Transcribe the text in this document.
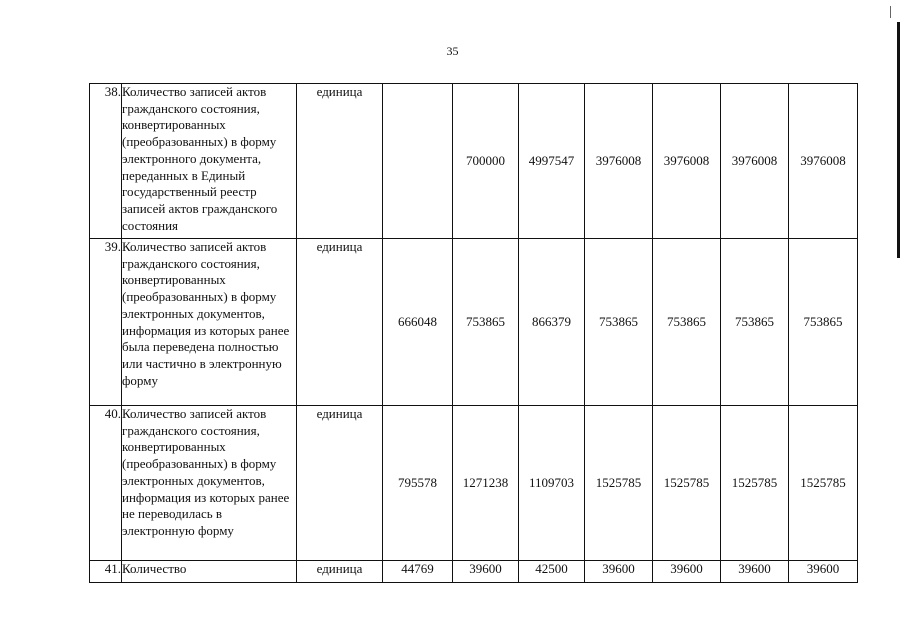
35
38.	Количество записей актов гражданского состояния, конвертированных (преобразованных) в форму электронного документа, переданных в Единый государственный реестр записей актов гражданского состояния	единица		700000	4997547	3976008	3976008	3976008	3976008
39.	Количество записей актов гражданского состояния, конвертированных (преобразованных) в форму электронных документов, информация из которых ранее была переведена полностью или частично в электронную форму	единица	666048	753865	866379	753865	753865	753865	753865
40.	Количество записей актов гражданского состояния, конвертированных (преобразованных) в форму электронных документов, информация из которых ранее не переводилась в электронную форму	единица	795578	1271238	1109703	1525785	1525785	1525785	1525785
41.	Количество	единица	44769	39600	42500	39600	39600	39600	39600
